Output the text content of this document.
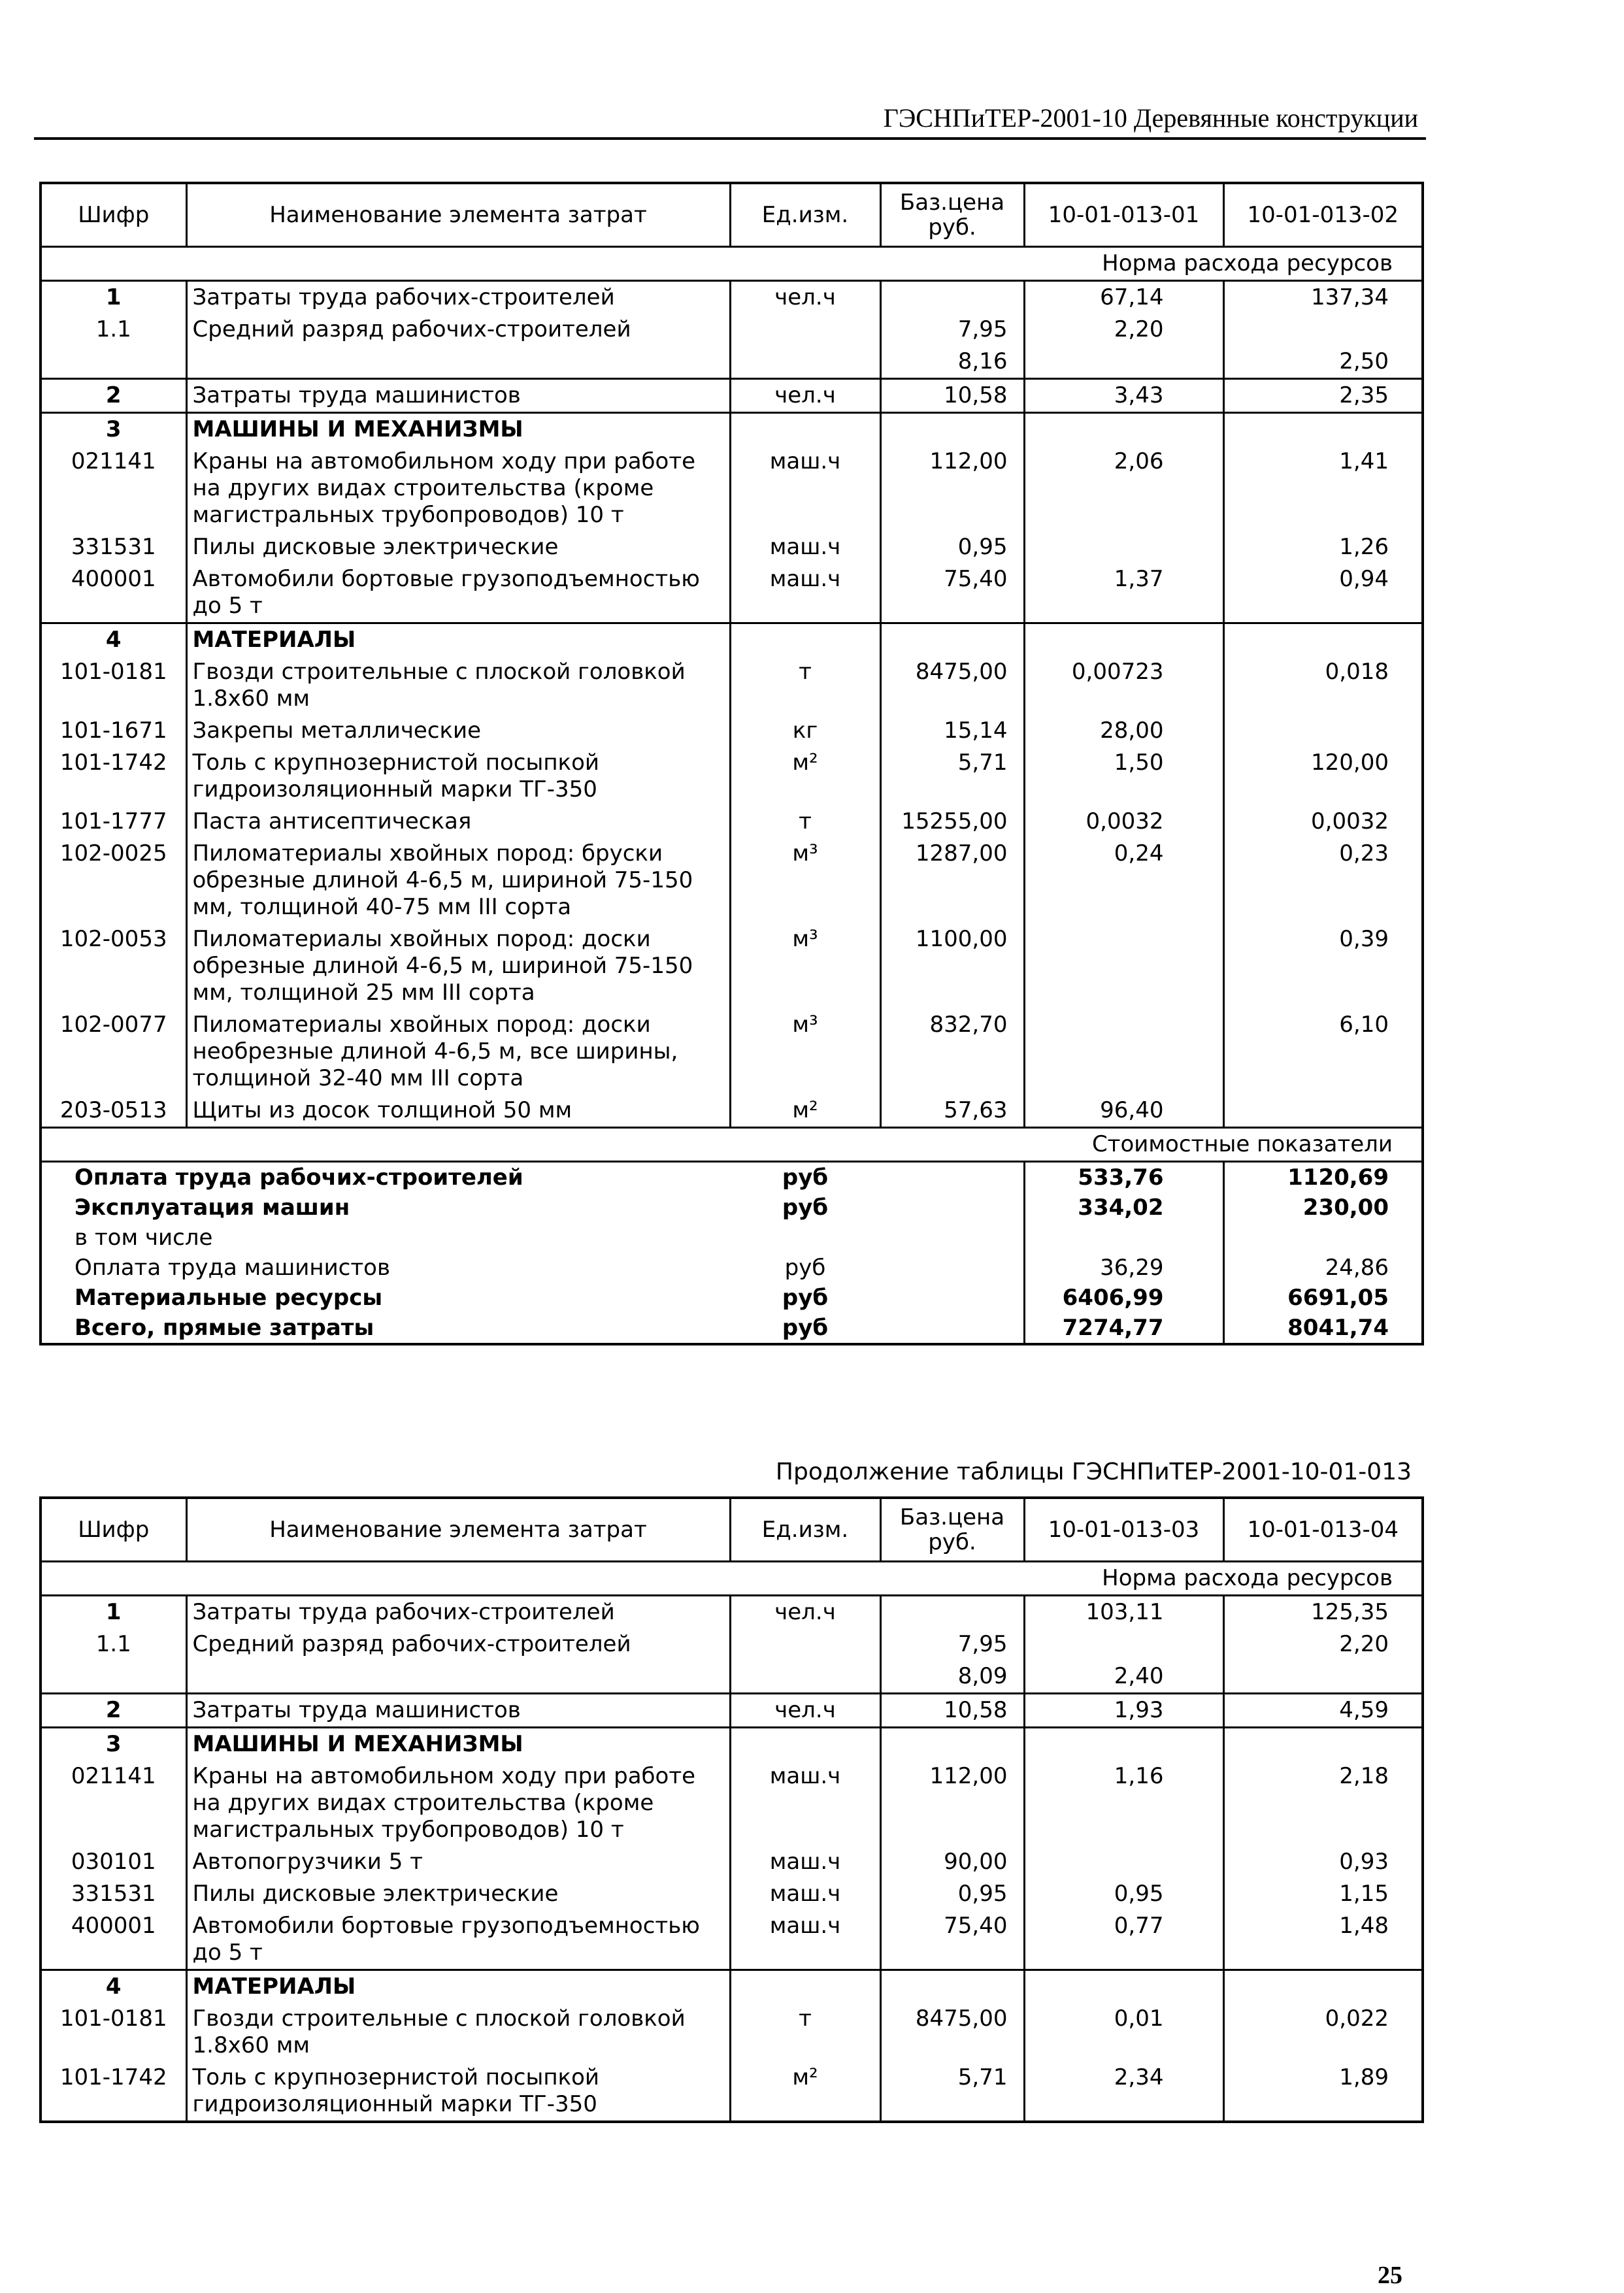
ГЭСНПиТЕР-2001-10 Деревянные конструкции
Шифр	Наименование элемента затрат	Ед.изм.	Баз.цена руб.	10-01-013-01	10-01-013-02
Норма расхода ресурсов					
1	Затраты труда рабочих-строителей	чел.ч		67,14	137,34
1.1	Средний разряд рабочих-строителей		7,95	2,20	
			8,16		2,50
2	Затраты труда машинистов	чел.ч	10,58	3,43	2,35
3	МАШИНЫ И МЕХАНИЗМЫ				
021141	Краны на автомобильном ходу при работе на других видах строительства (кроме магистральных трубопроводов) 10 т	маш.ч	112,00	2,06	1,41
331531	Пилы дисковые электрические	маш.ч	0,95		1,26
400001	Автомобили бортовые грузоподъемностью до 5 т	маш.ч	75,40	1,37	0,94
4	МАТЕРИАЛЫ				
101-0181	Гвозди строительные с плоской головкой 1.8x60 мм	т	8475,00	0,00723	0,018
101-1671	Закрепы металлические	кг	15,14	28,00	
101-1742	Толь с крупнозернистой посыпкой гидроизоляционный марки ТГ-350	м²	5,71	1,50	120,00
101-1777	Паста антисептическая	т	15255,00	0,0032	0,0032
102-0025	Пиломатериалы хвойных пород: бруски обрезные длиной 4-6,5 м, шириной 75-150 мм, толщиной 40-75 мм III сорта	м³	1287,00	0,24	0,23
102-0053	Пиломатериалы хвойных пород: доски обрезные длиной 4-6,5 м, шириной 75-150 мм, толщиной 25 мм III сорта	м³	1100,00		0,39
102-0077	Пиломатериалы хвойных пород: доски необрезные длиной 4-6,5 м, все ширины, толщиной 32-40 мм III сорта	м³	832,70		6,10
203-0513	Щиты из досок толщиной 50 мм	м²	57,63	96,40	
Стоимостные показатели					
Оплата труда рабочих-строителей		руб		533,76	1120,69
Эксплуатация машин		руб		334,02	230,00
в том числе					
Оплата труда машинистов		руб		36,29	24,86
Материальные ресурсы		руб		6406,99	6691,05
Всего, прямые затраты		руб		7274,77	8041,74
Продолжение таблицы ГЭСНПиТЕР-2001-10-01-013
Шифр	Наименование элемента затрат	Ед.изм.	Баз.цена руб.	10-01-013-03	10-01-013-04
Норма расхода ресурсов					
1	Затраты труда рабочих-строителей	чел.ч		103,11	125,35
1.1	Средний разряд рабочих-строителей		7,95		2,20
			8,09	2,40	
2	Затраты труда машинистов	чел.ч	10,58	1,93	4,59
3	МАШИНЫ И МЕХАНИЗМЫ				
021141	Краны на автомобильном ходу при работе на других видах строительства (кроме магистральных трубопроводов) 10 т	маш.ч	112,00	1,16	2,18
030101	Автопогрузчики 5 т	маш.ч	90,00		0,93
331531	Пилы дисковые электрические	маш.ч	0,95	0,95	1,15
400001	Автомобили бортовые грузоподъемностью до 5 т	маш.ч	75,40	0,77	1,48
4	МАТЕРИАЛЫ				
101-0181	Гвозди строительные с плоской головкой 1.8x60 мм	т	8475,00	0,01	0,022
101-1742	Толь с крупнозернистой посыпкой гидроизоляционный марки ТГ-350	м²	5,71	2,34	1,89
25
